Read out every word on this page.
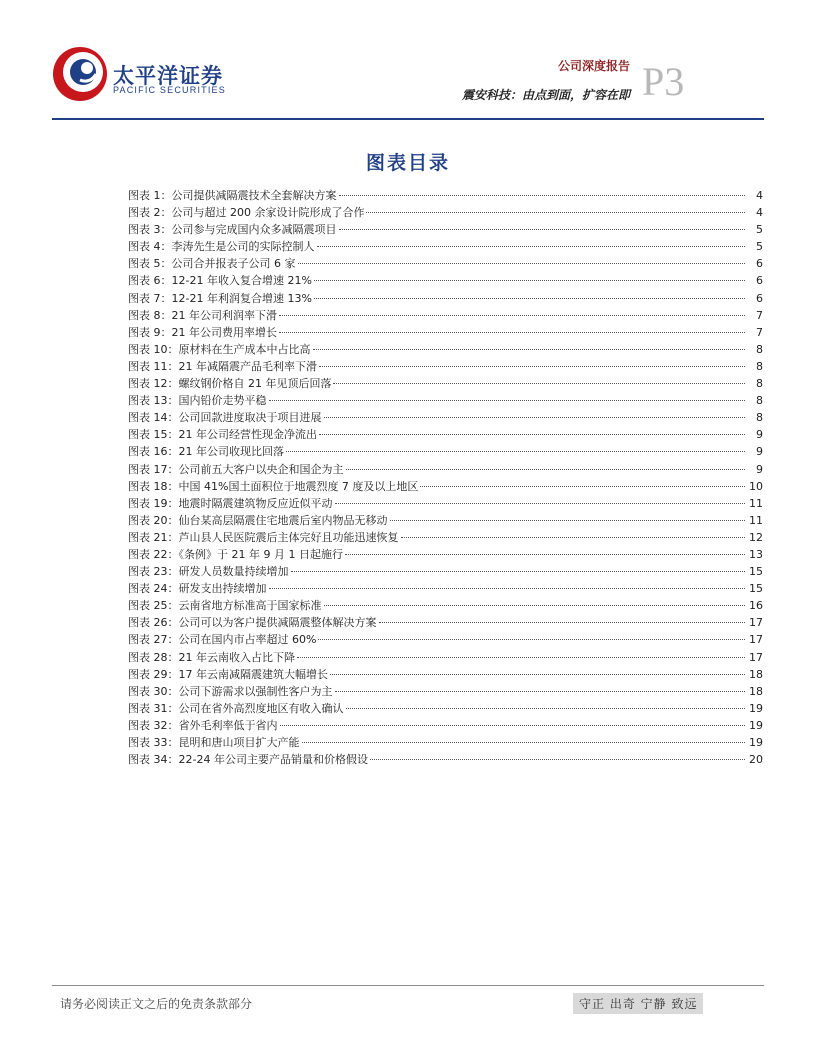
太平洋证券
PACIFIC SECURITIES
公司深度报告
震安科技：由点到面，扩容在即 P3
图表目录
图表 1：公司提供减隔震技术全套解决方案	4
图表 2：公司与超过 200 余家设计院形成了合作	4
图表 3：公司参与完成国内众多减隔震项目	5
图表 4：李涛先生是公司的实际控制人	5
图表 5：公司合并报表子公司 6 家	6
图表 6：12-21 年收入复合增速 21%	6
图表 7：12-21 年利润复合增速 13%	6
图表 8：21 年公司利润率下滑	7
图表 9：21 年公司费用率增长	7
图表 10：原材料在生产成本中占比高	8
图表 11：21 年减隔震产品毛利率下滑	8
图表 12：螺纹钢价格自 21 年见顶后回落	8
图表 13：国内铅价走势平稳	8
图表 14：公司回款进度取决于项目进展	8
图表 15：21 年公司经营性现金净流出	9
图表 16：21 年公司收现比回落	9
图表 17：公司前五大客户以央企和国企为主	9
图表 18：中国 41%国土面积位于地震烈度 7 度及以上地区	10
图表 19：地震时隔震建筑物反应近似平动	11
图表 20：仙台某高层隔震住宅地震后室内物品无移动	11
图表 21：芦山县人民医院震后主体完好且功能迅速恢复	12
图表 22：《条例》于 21 年 9 月 1 日起施行	13
图表 23：研发人员数量持续增加	15
图表 24：研发支出持续增加	15
图表 25：云南省地方标准高于国家标准	16
图表 26：公司可以为客户提供减隔震整体解决方案	17
图表 27：公司在国内市占率超过 60%	17
图表 28：21 年云南收入占比下降	17
图表 29：17 年云南减隔震建筑大幅增长	18
图表 30：公司下游需求以强制性客户为主	18
图表 31：公司在省外高烈度地区有收入确认	19
图表 32：省外毛利率低于省内	19
图表 33：昆明和唐山项目扩大产能	19
图表 34：22-24 年公司主要产品销量和价格假设	20
请务必阅读正文之后的免责条款部分	守正 出奇 宁静 致远
